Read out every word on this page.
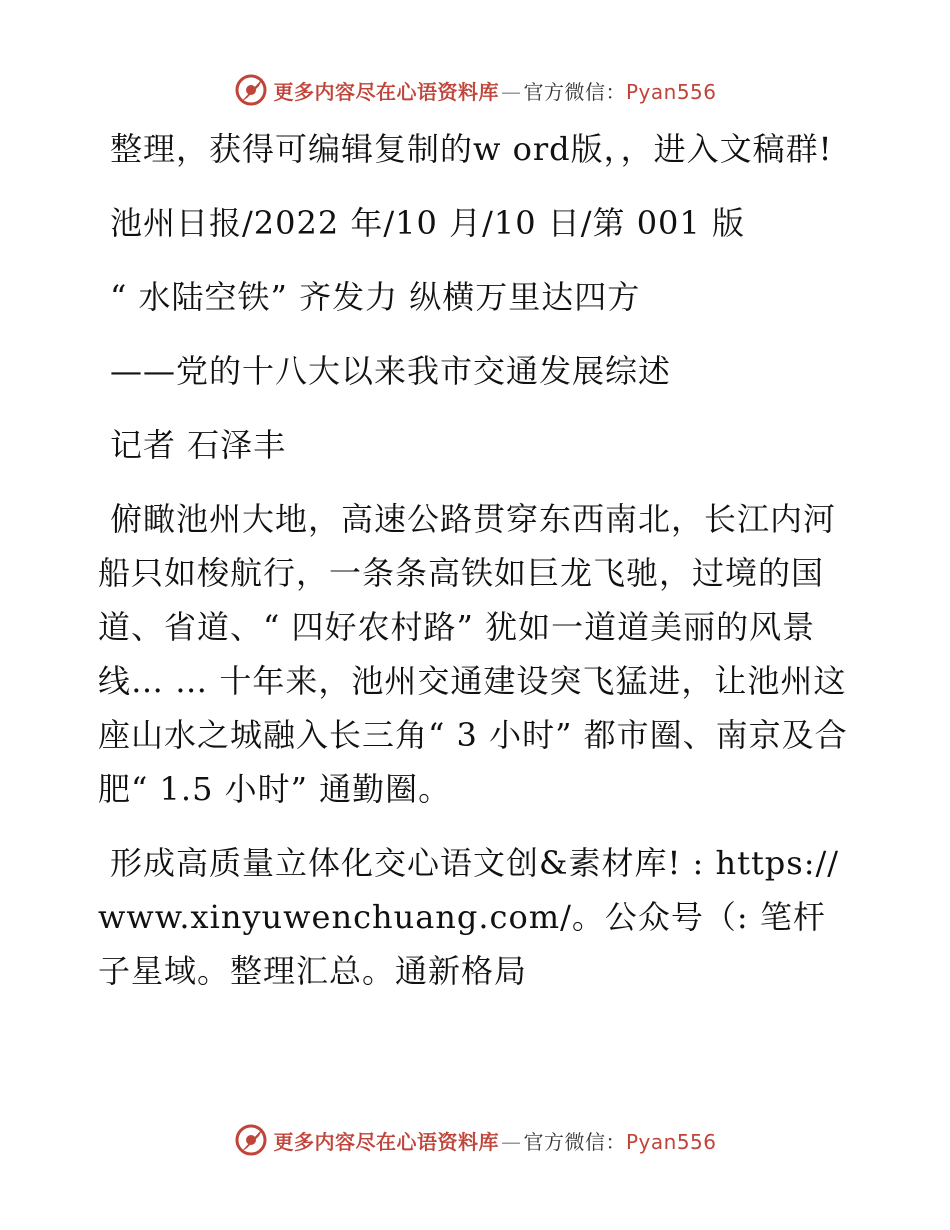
更多内容尽在心语资料库 — 官方微信：Pyan556

整理，获得可编辑复制的w ord版，，进入文稿群!

池州日报/2022 年/10 月/10 日/第 001 版

“ 水陆空铁” 齐发力 纵横万里达四方

——党的十八大以来我市交通发展综述

记者 石泽丰

俯瞰池州大地，高速公路贯穿东西南北，长江内河船只如梭航行，一条条高铁如巨龙飞驰，过境的国道、省道、“ 四好农村路” 犹如一道道美丽的风景线… … 十年来，池州交通建设突飞猛进，让池州这座山水之城融入长三角“ 3 小时” 都市圈、南京及合肥“ 1.5 小时” 通勤圈。

形成高质量立体化交心语文创&素材库! : https://www.xinyuwenchuang.com/。公众号（: 笔杆子星域。整理汇总。通新格局

更多内容尽在心语资料库 — 官方微信：Pyan556
